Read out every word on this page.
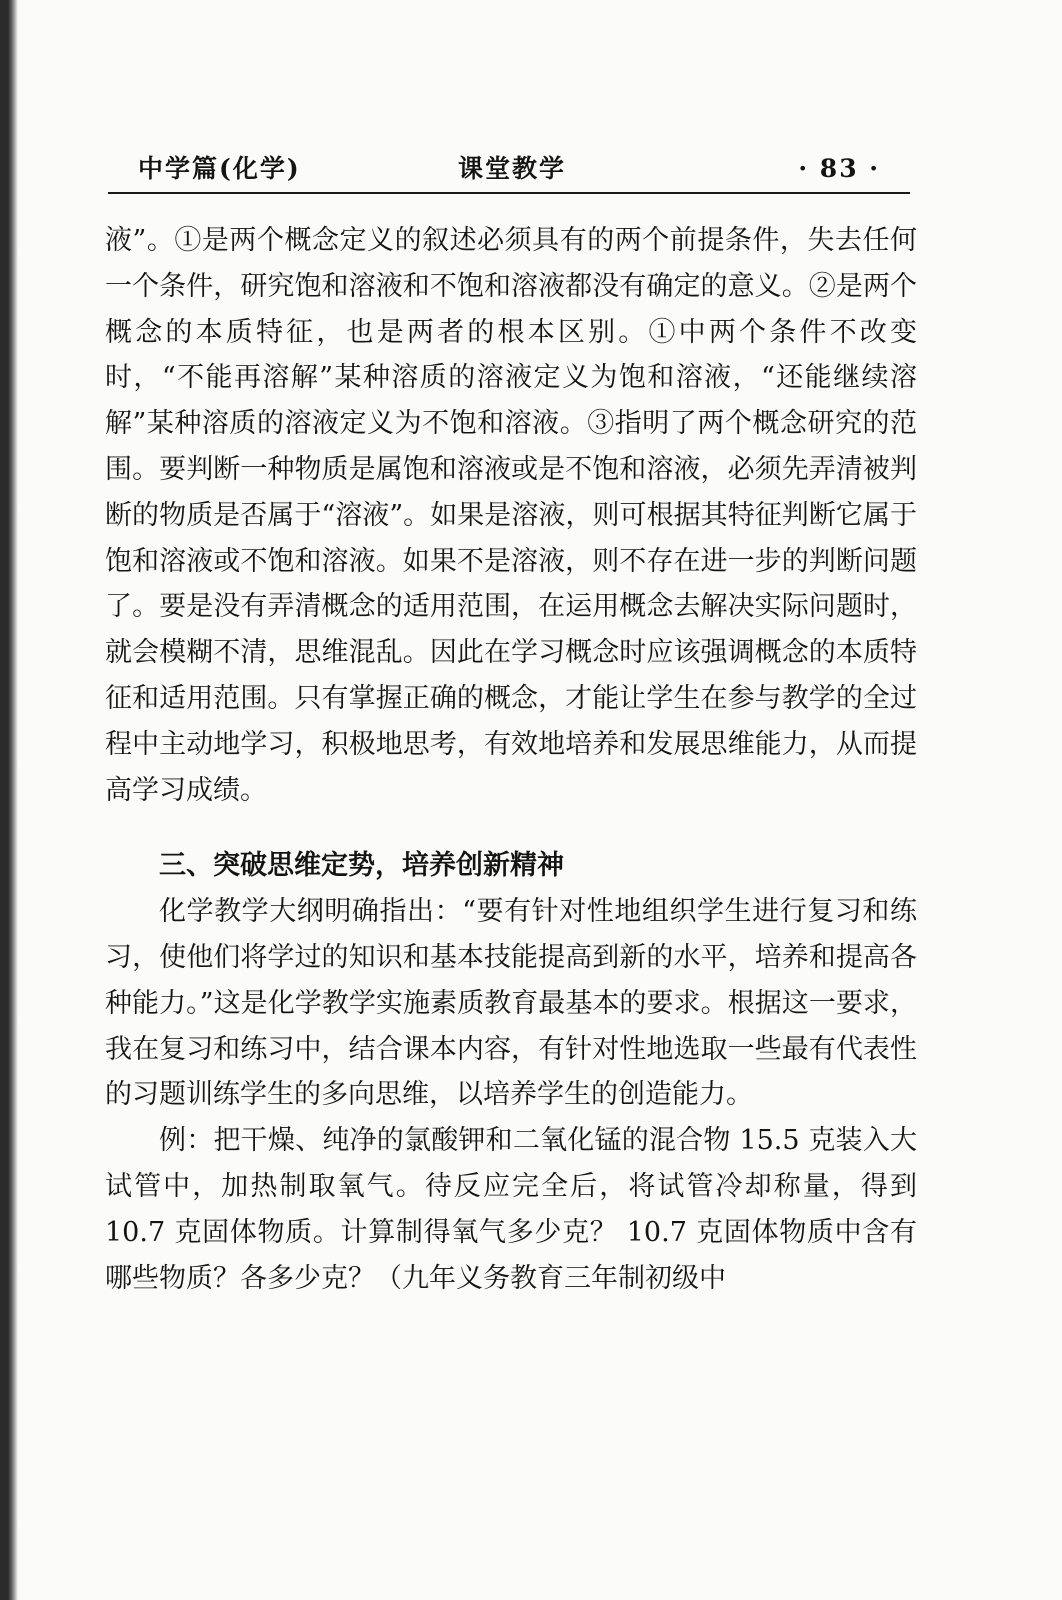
中学篇(化学)	课堂教学	· 83 ·

液”。①是两个概念定义的叙述必须具有的两个前提条件，失去任何一个条件，研究饱和溶液和不饱和溶液都没有确定的意义。②是两个概念的本质特征，也是两者的根本区别。①中两个条件不改变时，“不能再溶解”某种溶质的溶液定义为饱和溶液，“还能继续溶解”某种溶质的溶液定义为不饱和溶液。③指明了两个概念研究的范围。要判断一种物质是属饱和溶液或是不饱和溶液，必须先弄清被判断的物质是否属于“溶液”。如果是溶液，则可根据其特征判断它属于饱和溶液或不饱和溶液。如果不是溶液，则不存在进一步的判断问题了。要是没有弄清概念的适用范围，在运用概念去解决实际问题时，就会模糊不清，思维混乱。因此在学习概念时应该强调概念的本质特征和适用范围。只有掌握正确的概念，才能让学生在参与教学的全过程中主动地学习，积极地思考，有效地培养和发展思维能力，从而提高学习成绩。

三、突破思维定势，培养创新精神

化学教学大纲明确指出：“要有针对性地组织学生进行复习和练习，使他们将学过的知识和基本技能提高到新的水平，培养和提高各种能力。”这是化学教学实施素质教育最基本的要求。根据这一要求，我在复习和练习中，结合课本内容，有针对性地选取一些最有代表性的习题训练学生的多向思维，以培养学生的创造能力。

例：把干燥、纯净的氯酸钾和二氧化锰的混合物 15.5 克装入大试管中，加热制取氧气。待反应完全后，将试管冷却称量，得到 10.7 克固体物质。计算制得氧气多少克？ 10.7 克固体物质中含有哪些物质？各多少克？（九年义务教育三年制初级中
